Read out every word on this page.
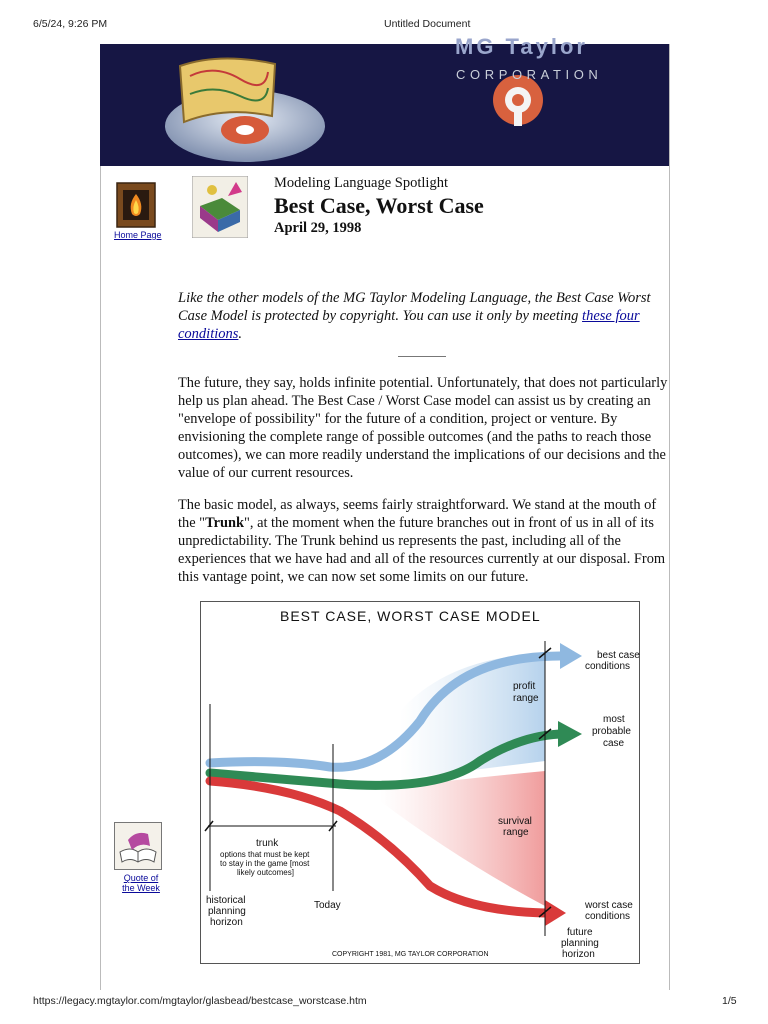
6/5/24, 9:26 PM	Untitled Document
MG Taylor
CORPORATION
Home Page
Modeling Language Spotlight
Best Case, Worst Case
April 29, 1998
Like the other models of the MG Taylor Modeling Language, the Best Case Worst Case Model is protected by copyright. You can use it only by meeting these four conditions.

The future, they say, holds infinite potential. Unfortunately, that does not particularly help us plan ahead. The Best Case / Worst Case model can assist us by creating an "envelope of possibility" for the future of a condition, project or venture. By envisioning the complete range of possible outcomes (and the paths to reach those outcomes), we can more readily understand the implications of our decisions and the value of our current resources.

The basic model, as always, seems fairly straightforward. We stand at the mouth of the "Trunk", at the moment when the future branches out in front of us in all of its unpredictability. The Trunk behind us represents the past, including all of the experiences that we have had and all of the resources currently at our disposal. From this vantage point, we can now set some limits on our future.

BEST CASE, WORST CASE MODEL
best case
conditions
most
probable
case
profit
range
survival
range
trunk
options that must be kept
to stay in the game [most
likely outcomes]
historical
planning
horizon
Today	worst case
conditions
future
planning
horizon
COPYRIGHT 1981, MG TAYLOR CORPORATION
Quote of the Week
https://legacy.mgtaylor.com/mgtaylor/glasbead/bestcase_worstcase.htm	1/5
